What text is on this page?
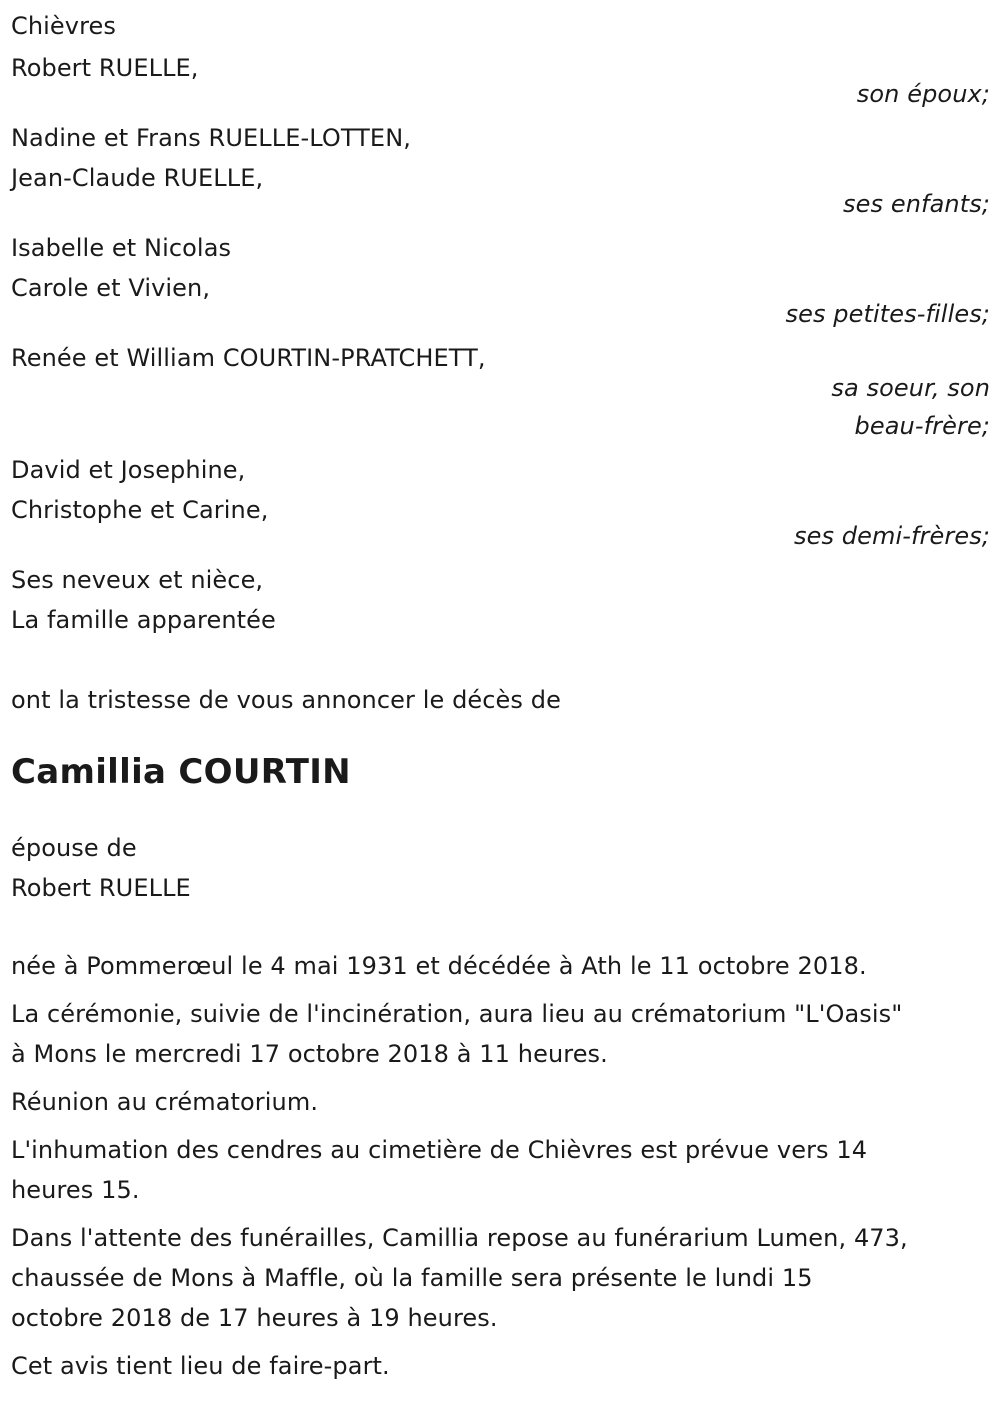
Chièvres
Robert RUELLE,
son époux;
Nadine et Frans RUELLE-LOTTEN,
Jean-Claude RUELLE,
ses enfants;
Isabelle et Nicolas
Carole et Vivien,
ses petites-filles;
Renée et William COURTIN-PRATCHETT,
sa soeur, son
beau-frère;
David et Josephine,
Christophe et Carine,
ses demi-frères;
Ses neveux et nièce,
La famille apparentée
ont la tristesse de vous annoncer le décès de
Camillia COURTIN
épouse de
Robert RUELLE
née à Pommerœul le 4 mai 1931 et décédée à Ath le 11 octobre 2018.
La cérémonie, suivie de l'incinération, aura lieu au crématorium "L'Oasis"
à Mons le mercredi 17 octobre 2018 à 11 heures.
Réunion au crématorium.
L'inhumation des cendres au cimetière de Chièvres est prévue vers 14
heures 15.
Dans l'attente des funérailles, Camillia repose au funérarium Lumen, 473,
chaussée de Mons à Maffle, où la famille sera présente le lundi 15
octobre 2018 de 17 heures à 19 heures.
Cet avis tient lieu de faire-part.
